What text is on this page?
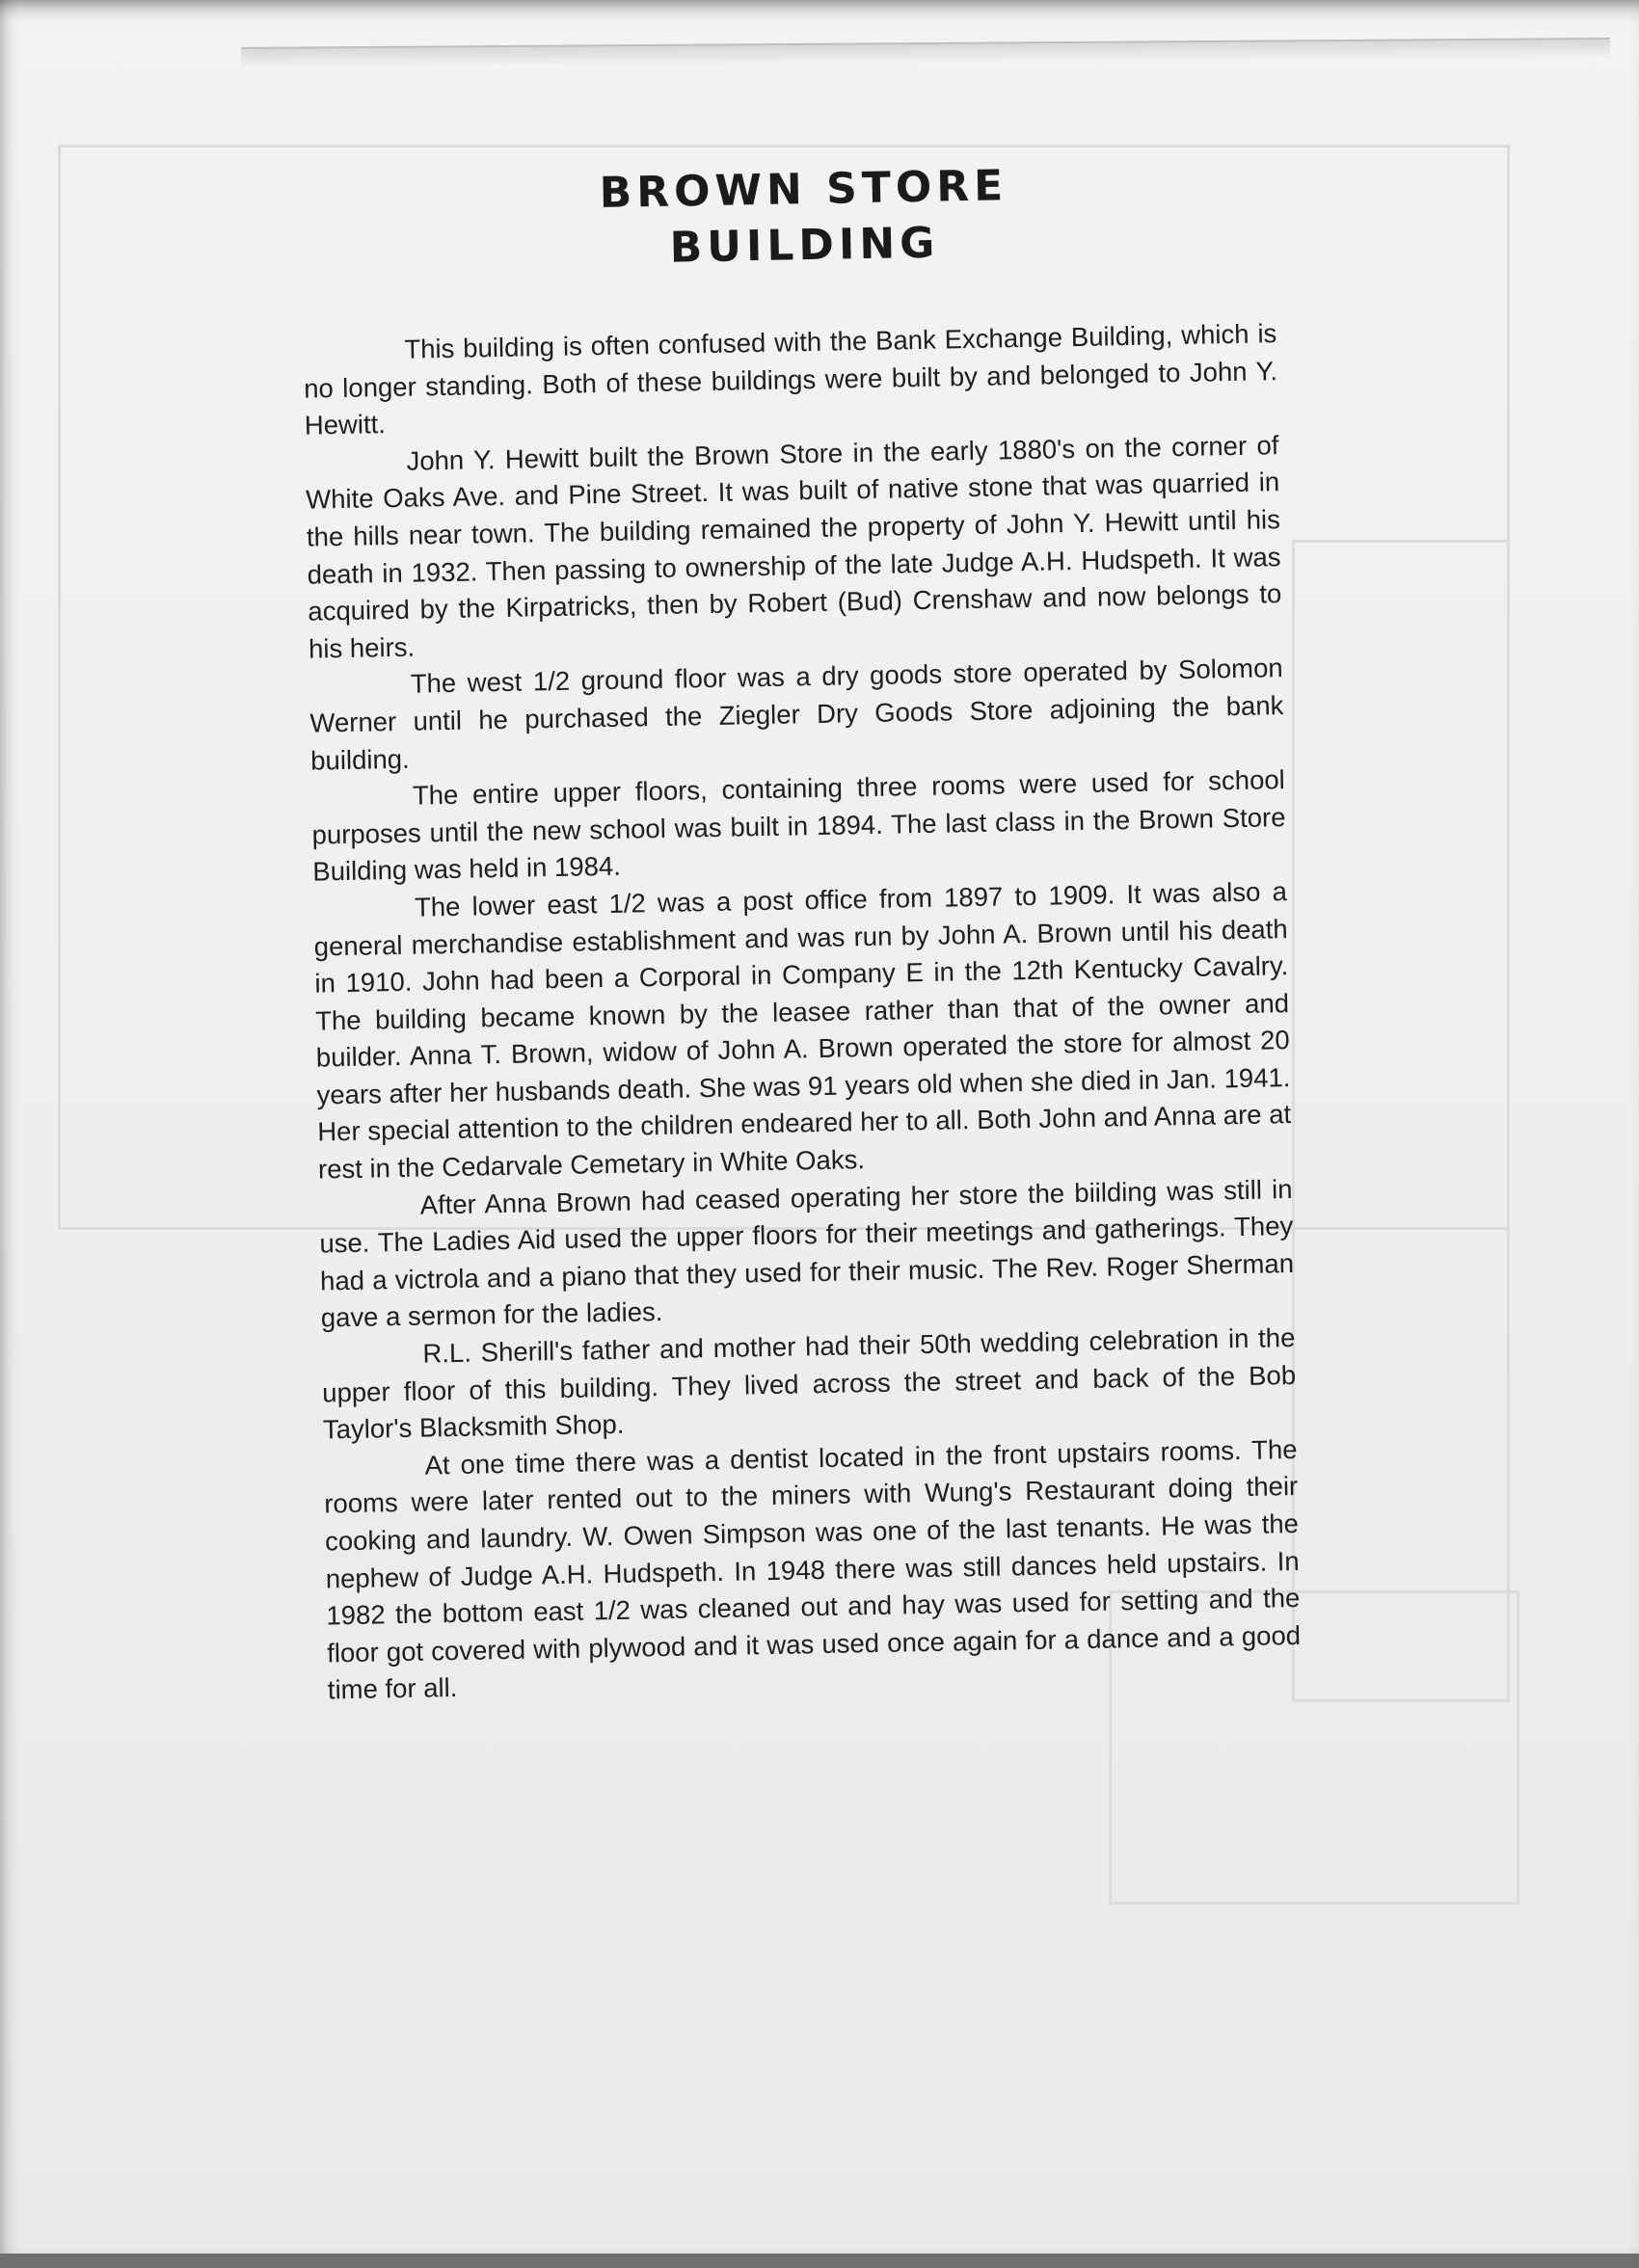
BROWN STORE
BUILDING

This building is often confused with the Bank Exchange Building, which is no longer standing. Both of these buildings were built by and belonged to John Y. Hewitt.

John Y. Hewitt built the Brown Store in the early 1880's on the corner of White Oaks Ave. and Pine Street. It was built of native stone that was quarried in the hills near town. The building remained the property of John Y. Hewitt until his death in 1932. Then passing to ownership of the late Judge A.H. Hudspeth. It was acquired by the Kirpatricks, then by Robert (Bud) Crenshaw and now belongs to his heirs.

The west 1/2 ground floor was a dry goods store operated by Solomon Werner until he purchased the Ziegler Dry Goods Store adjoining the bank building.

The entire upper floors, containing three rooms were used for school purposes until the new school was built in 1894. The last class in the Brown Store Building was held in 1984.

The lower east 1/2 was a post office from 1897 to 1909. It was also a general merchandise establishment and was run by John A. Brown until his death in 1910. John had been a Corporal in Company E in the 12th Kentucky Cavalry. The building became known by the leasee rather than that of the owner and builder. Anna T. Brown, widow of John A. Brown operated the store for almost 20 years after her husbands death. She was 91 years old when she died in Jan. 1941. Her special attention to the children endeared her to all. Both John and Anna are at rest in the Cedarvale Cemetary in White Oaks.

After Anna Brown had ceased operating her store the biilding was still in use. The Ladies Aid used the upper floors for their meetings and gatherings. They had a victrola and a piano that they used for their music. The Rev. Roger Sherman gave a sermon for the ladies.

R.L. Sherill's father and mother had their 50th wedding celebration in the upper floor of this building. They lived across the street and back of the Bob Taylor's Blacksmith Shop.

At one time there was a dentist located in the front upstairs rooms. The rooms were later rented out to the miners with Wung's Restaurant doing their cooking and laundry. W. Owen Simpson was one of the last tenants. He was the nephew of Judge A.H. Hudspeth. In 1948 there was still dances held upstairs. In 1982 the bottom east 1/2 was cleaned out and hay was used for setting and the floor got covered with plywood and it was used once again for a dance and a good time for all.
